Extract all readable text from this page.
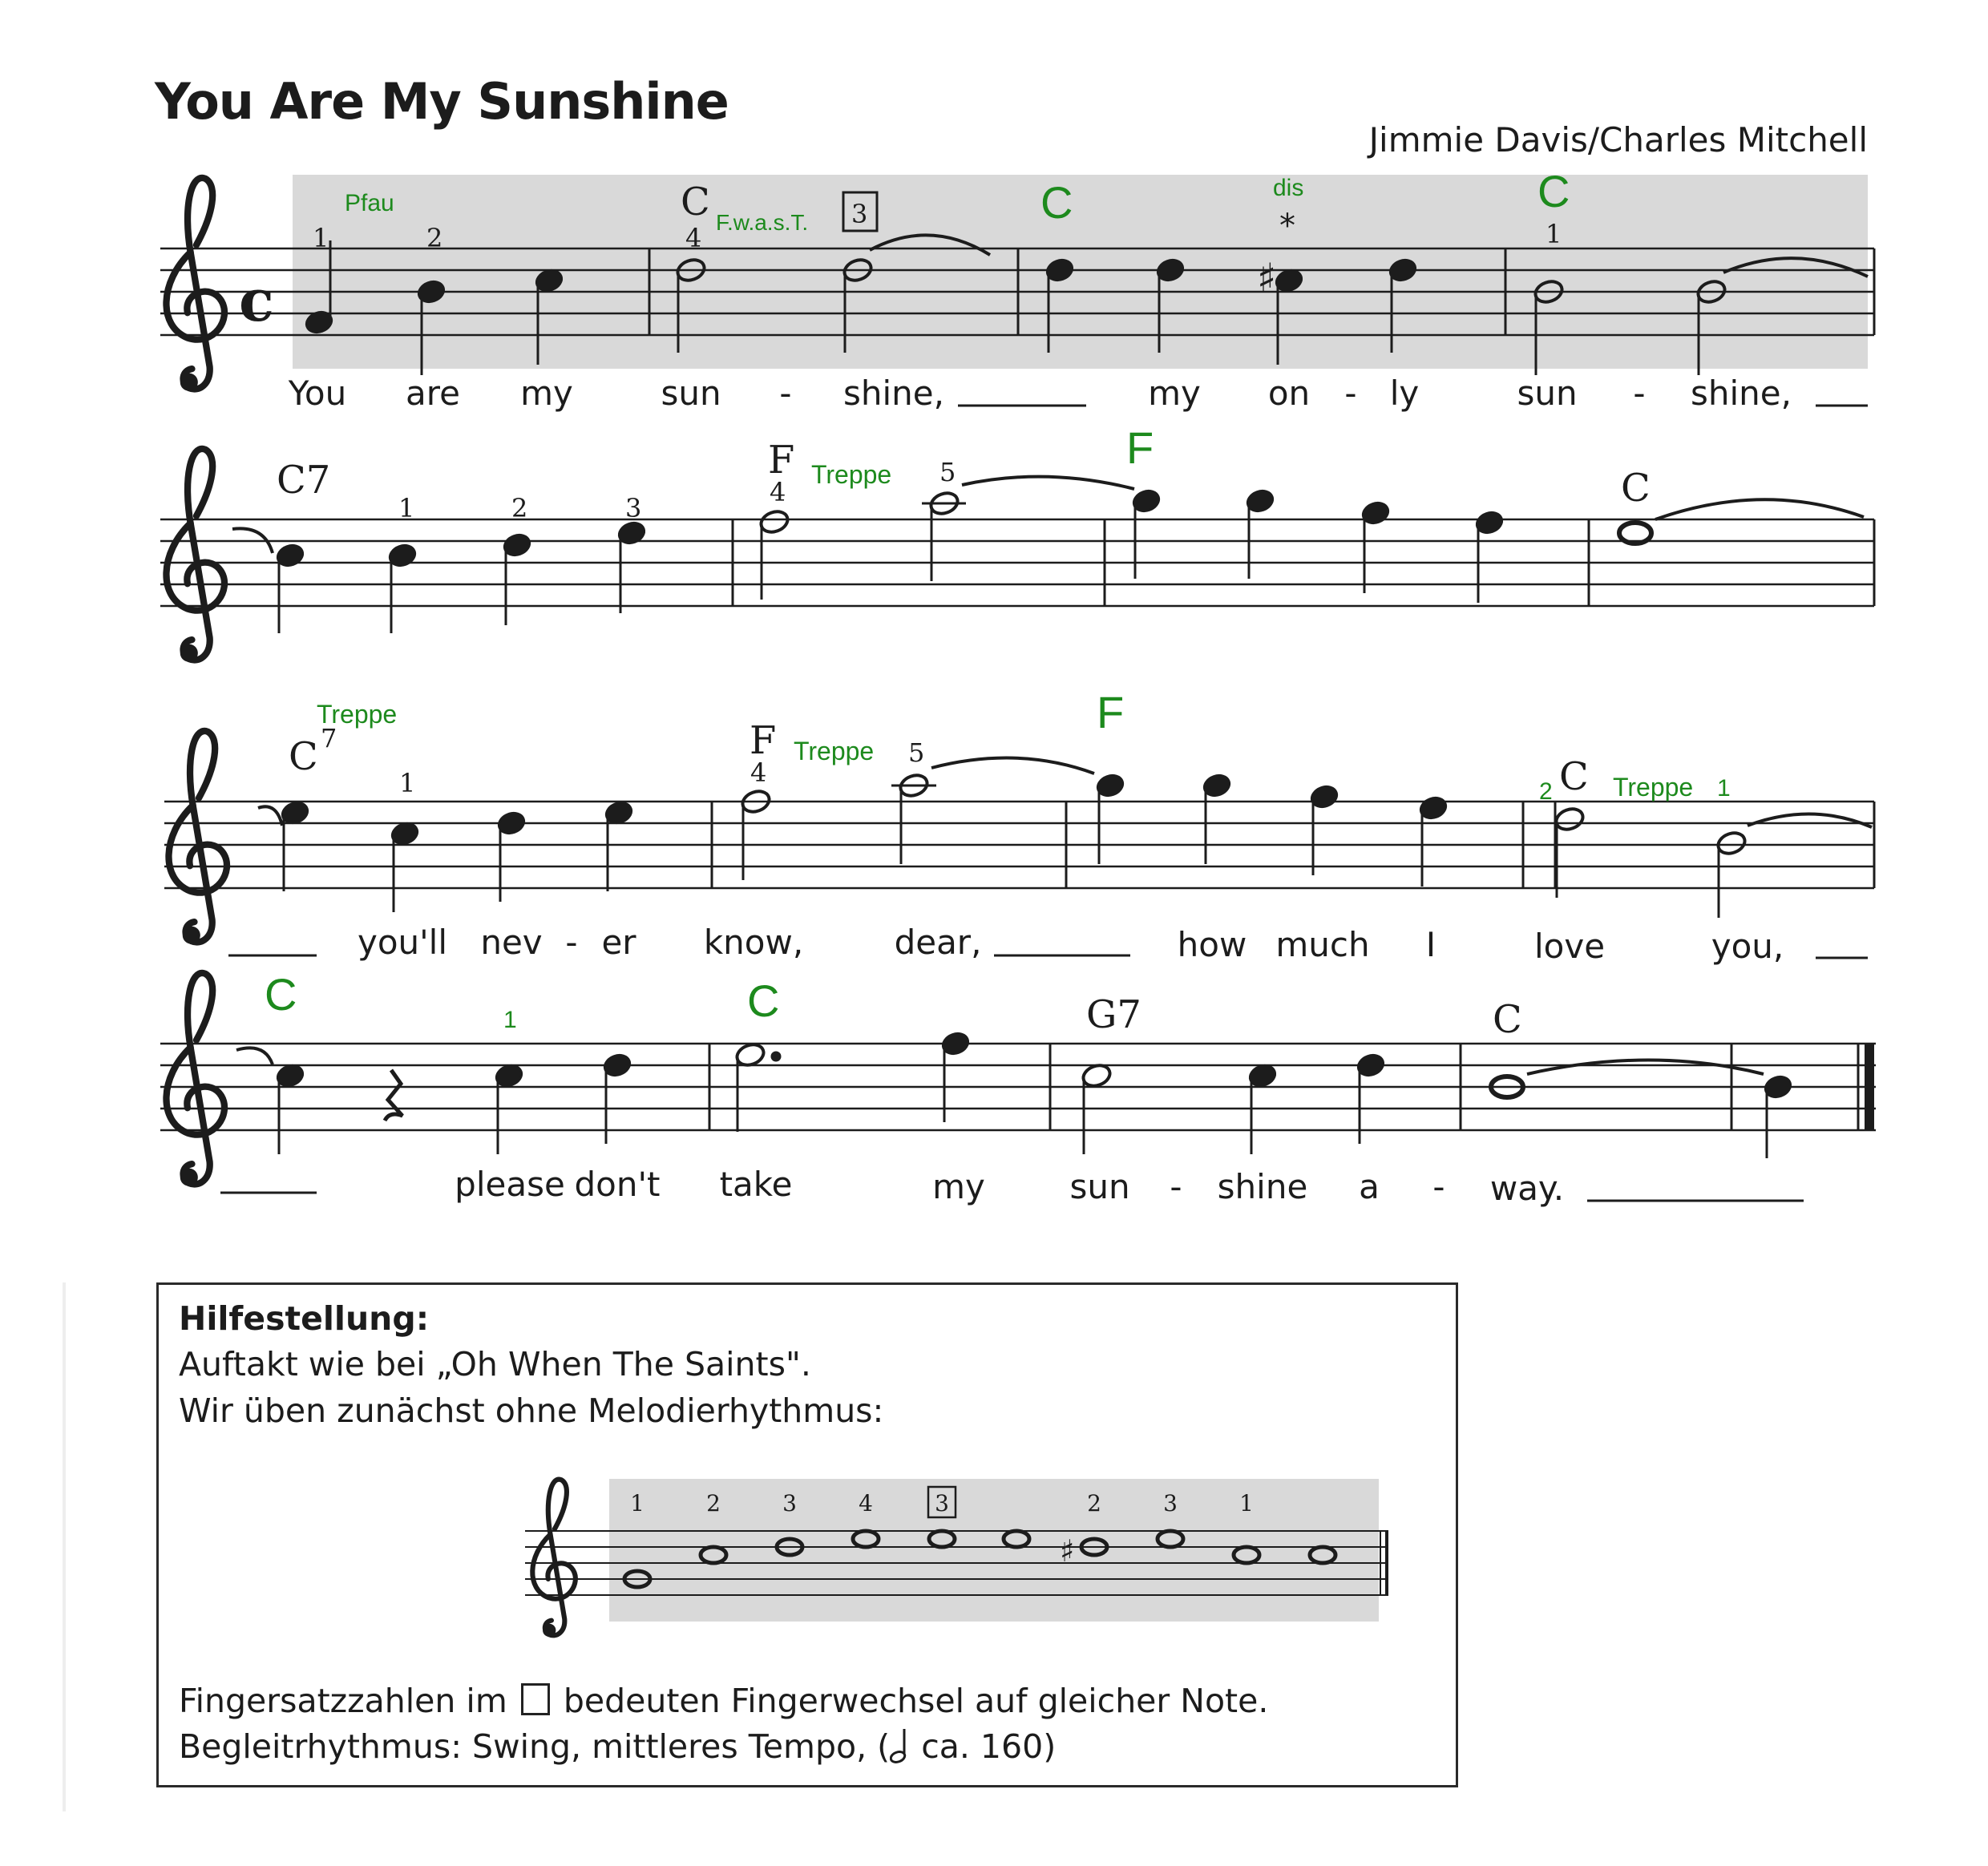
You Are My Sunshine
Jimmie Davis/Charles Mitchell
c	♯
C	3
1	2	4	1
*
Pfau
F.w.a.s.T.	C	dis	C
You are my	sun - shine,	my on - ly	sun - shine,
C7	F
C
1	2	3
4
5
Treppe
F
C	F
C
7
1	4
5
Treppe
Treppe
F
2 Treppe 1
you'll nev - er know,	dear,	how much I	love	you,
G7	C
C
1	C
please don't take	my	sun - shine a - way.
♯
1	2	3	4	3	2	3	1
Hilfestellung:
Auftakt wie bei „Oh When The Saints".
Wir üben zunächst ohne Melodierhythmus:
Fingersatzzahlen im bedeuten Fingerwechsel auf gleicher Note.
Begleitrhythmus: Swing, mittleres Tempo, ( ca. 160)
